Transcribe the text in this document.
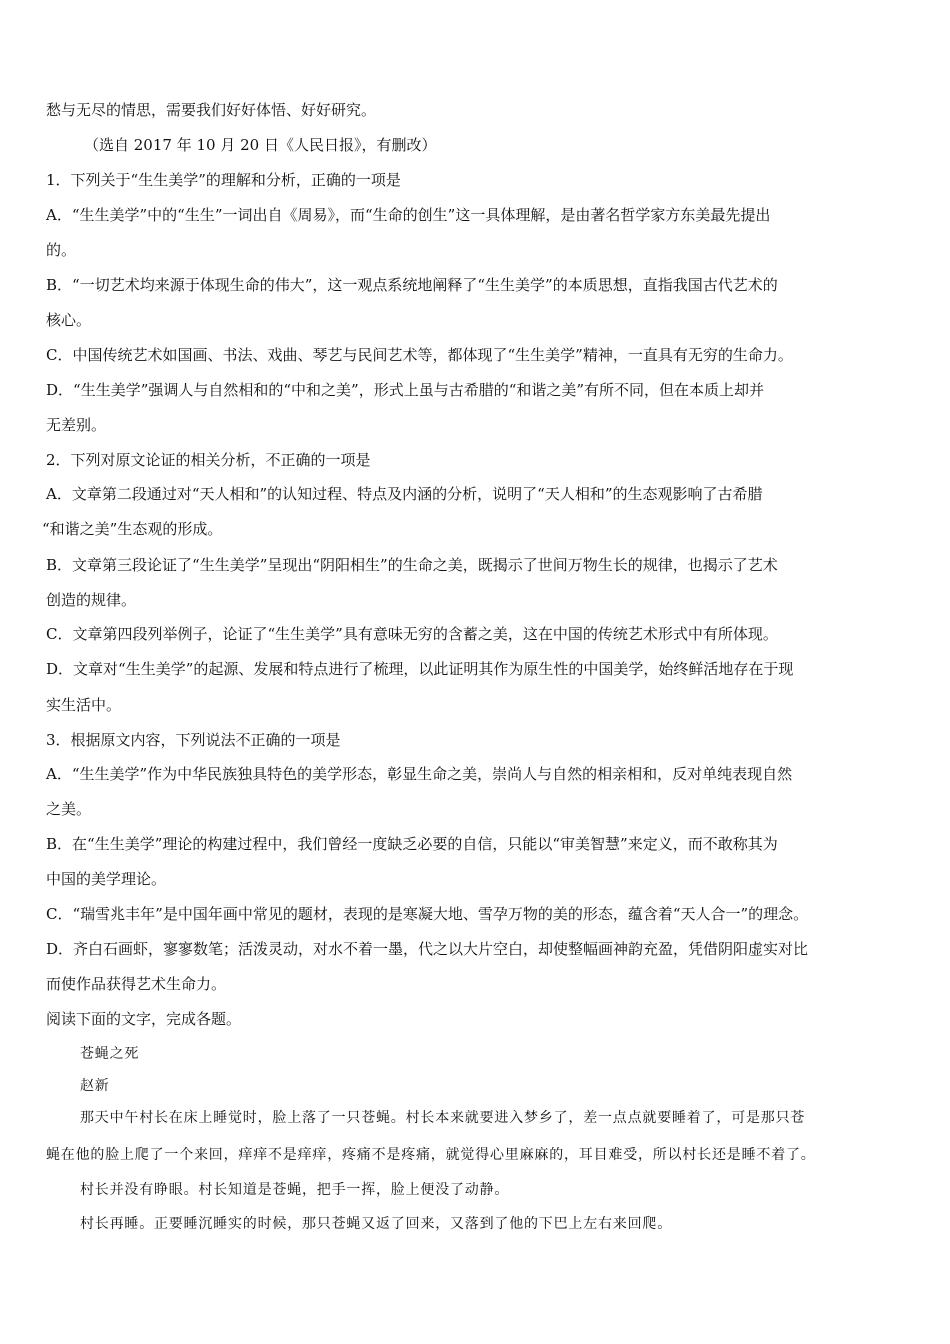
愁与无尽的情思，需要我们好好体悟、好好研究。
（选自 2017 年 10 月 20 日《人民日报》，有删改）
1．下列关于“生生美学”的理解和分析，正确的一项是
A．“生生美学”中的“生生”一词出自《周易》，而“生命的创生”这一具体理解，是由著名哲学家方东美最先提出
的。
B．“一切艺术均来源于体现生命的伟大”，这一观点系统地阐释了“生生美学”的本质思想，直指我国古代艺术的
核心。
C．中国传统艺术如国画、书法、戏曲、琴艺与民间艺术等，都体现了“生生美学”精神，一直具有无穷的生命力。
D．“生生美学”强调人与自然相和的“中和之美”，形式上虽与古希腊的“和谐之美”有所不同，但在本质上却并
无差别。
2．下列对原文论证的相关分析，不正确的一项是
A．文章第二段通过对“天人相和”的认知过程、特点及内涵的分析，说明了“天人相和”的生态观影响了古希腊
“和谐之美”生态观的形成。
B．文章第三段论证了“生生美学”呈现出“阴阳相生”的生命之美，既揭示了世间万物生长的规律，也揭示了艺术
创造的规律。
C．文章第四段列举例子，论证了“生生美学”具有意味无穷的含蓄之美，这在中国的传统艺术形式中有所体现。
D．文章对“生生美学”的起源、发展和特点进行了梳理，以此证明其作为原生性的中国美学，始终鲜活地存在于现
实生活中。
3．根据原文内容，下列说法不正确的一项是
A．“生生美学”作为中华民族独具特色的美学形态，彰显生命之美，崇尚人与自然的相亲相和，反对单纯表现自然
之美。
B．在“生生美学”理论的构建过程中，我们曾经一度缺乏必要的自信，只能以“审美智慧”来定义，而不敢称其为
中国的美学理论。
C．“瑞雪兆丰年”是中国年画中常见的题材，表现的是寒凝大地、雪孕万物的美的形态，蕴含着“天人合一”的理念。
D．齐白石画虾，寥寥数笔；活泼灵动，对水不着一墨，代之以大片空白，却使整幅画神韵充盈，凭借阴阳虚实对比
而使作品获得艺术生命力。
阅读下面的文字，完成各题。
苍蝇之死
赵新
那天中午村长在床上睡觉时，脸上落了一只苍蝇。村长本来就要进入梦乡了，差一点点就要睡着了，可是那只苍
蝇在他的脸上爬了一个来回，痒痒不是痒痒，疼痛不是疼痛，就觉得心里麻麻的，耳目难受，所以村长还是睡不着了。
村长并没有睁眼。村长知道是苍蝇，把手一挥，脸上便没了动静。
村长再睡。正要睡沉睡实的时候，那只苍蝇又返了回来，又落到了他的下巴上左右来回爬。
